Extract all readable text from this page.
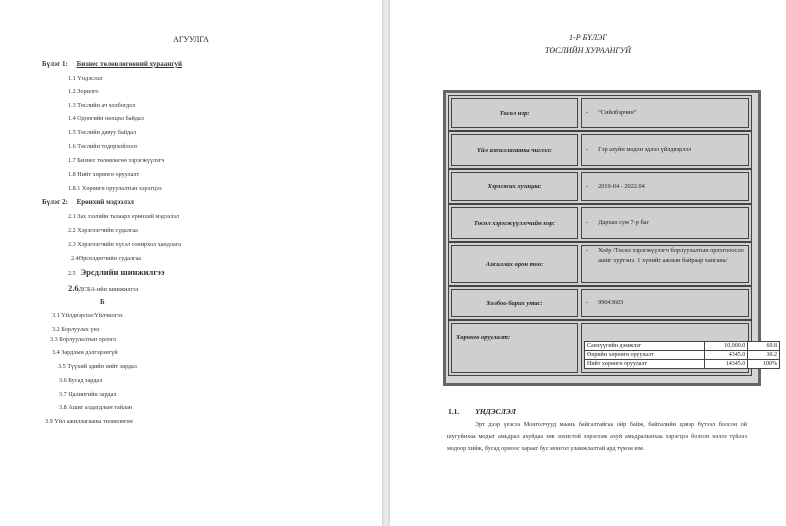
АГУУЛГА
Бүлэг 1: Бизнес төлөвлөгөөний хураангуй
1.1 Үндэслэл
1.2 Зорилго
1.3 Төслийн ач холбогдол
1.4 Одоогийн нөхцөл байдал
1.5 Төслийн давуу байдал
1.6 Төслийн тодорхойлолт
1.7 Бизнес төлөвлөгөө хэрэгжүүлэгч
1.8 Нийт хөрөнгө оруулалт
1.8.1 Хөрөнгө оруулалтын хэрэгцээ
Бүлэг 2: Ерөнхий мэдээлэл
2.1 Зах зээлийн талаарх ерөнхий мэдээлэл
2.2 Хэрэглэгчийн судалгаа
2.3 Хэрэглэгчийн хүсэл сонирхол хандлага
2.4Өрсөлдөгчийн судалгаа
2.5 Эрсдлийн шинжилгээ
2.6ДСБА-ийн шинжилгээ
Б
3.1 Үйлдвэрлэл/Үйлчилгээ
3.2 Борлуулах үнэ
3.3 Борлуулалтын орлого
3.4 Зардлын дэлгэрэнгүй
3.5 Түүхий эдийн нийт зардал
3.6 Бусад зардал
3.7 Цалингийн зардал
3.8 Ашиг алдагдлын тайлан
3.9 Үйл ажиллагааны төлөвлөгөө
1-Р БҮЛЭГ
ТӨСЛИЙН ХУРААНГУЙ
Төсөл нэр:	- “Сийлбэрчин”
Үйл ажиллагааны чиглэл:	- Гэр ахуйн модон эдлэл үйлдвэрлэл
Хэрэгжих хугацаа:	- 2019-04 - 2022.04
Төсөл хэрэгжүүлэгчийн нэр:	- Дархан сум 7-р баг
Ажиллах орон тоо:
- Хоёр /Төсөл хэрэгжүүлэгч борлуулалтын орлогооосоо ашиг хуртэнэ. 1 хүнийг ажлын байраар хангана/
Холбоо барих утас:	- 99043603
Хөрөнгө оруулалт:
Санхүүгийн дэмжлэг	10,000.0	69.8
Өөрийн хөрөнгө оруулалт	4345.0	30.2
Нийт хөрөнгө оруулалт	14345.0	100%
1.1. ҮНДЭСЛЭЛ
Эрт дээр үеэсээ Монголчууд маань байгалтайгаа ойр байж, байгалийн цэвэр бүтээл болсон ой шугуйнхаа модыг амьдрал ахуйдаа зөв зохистой хэрэглэж ахуй амьдралынхаа хэрэгцээ болсон нэлээ түйлээ модоор хийж, бусад орноос хараат бус монгол уламжлалтай ард түмэн юм.
